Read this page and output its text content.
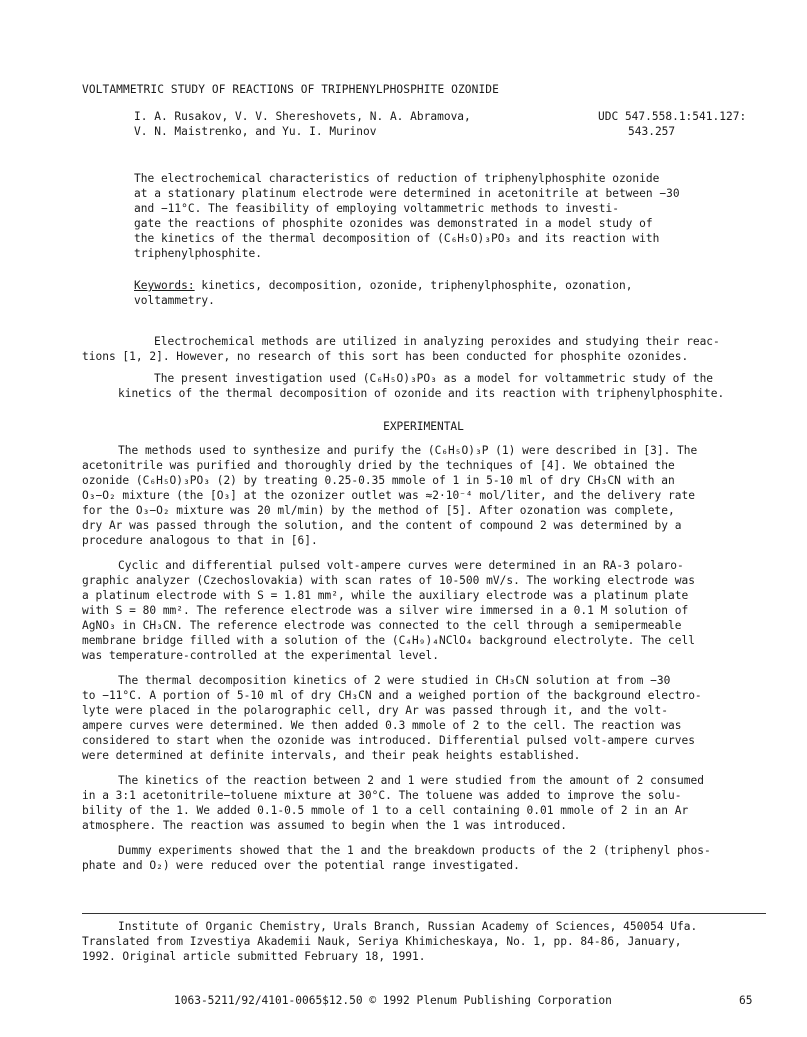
VOLTAMMETRIC STUDY OF REACTIONS OF TRIPHENYLPHOSPHITE OZONIDE
I. A. Rusakov, V. V. Shereshovets, N. A. Abramova,
V. N. Maistrenko, and Yu. I. Murinov
UDC 547.558.1:541.127:
543.257
The electrochemical characteristics of reduction of triphenylphosphite ozonide
at a stationary platinum electrode were determined in acetonitrile at between −30
and −11°C. The feasibility of employing voltammetric methods to investi-
gate the reactions of phosphite ozonides was demonstrated in a model study of
the kinetics of the thermal decomposition of (C₆H₅O)₃PO₃ and its reaction with
triphenylphosphite.
Keywords: kinetics, decomposition, ozonide, triphenylphosphite, ozonation,
voltammetry.
Electrochemical methods are utilized in analyzing peroxides and studying their reac-
tions [1, 2]. However, no research of this sort has been conducted for phosphite ozonides.
The present investigation used (C₆H₅O)₃PO₃ as a model for voltammetric study of the
kinetics of the thermal decomposition of ozonide and its reaction with triphenylphosphite.
EXPERIMENTAL
The methods used to synthesize and purify the (C₆H₅O)₃P (1) were described in [3]. The
acetonitrile was purified and thoroughly dried by the techniques of [4]. We obtained the
ozonide (C₆H₅O)₃PO₃ (2) by treating 0.25-0.35 mmole of 1 in 5-10 ml of dry CH₃CN with an
O₃−O₂ mixture (the [O₃] at the ozonizer outlet was ≈2·10⁻⁴ mol/liter, and the delivery rate
for the O₃−O₂ mixture was 20 ml/min) by the method of [5]. After ozonation was complete,
dry Ar was passed through the solution, and the content of compound 2 was determined by a
procedure analogous to that in [6].
Cyclic and differential pulsed volt-ampere curves were determined in an RA-3 polaro-
graphic analyzer (Czechoslovakia) with scan rates of 10-500 mV/s. The working electrode was
a platinum electrode with S = 1.81 mm², while the auxiliary electrode was a platinum plate
with S = 80 mm². The reference electrode was a silver wire immersed in a 0.1 M solution of
AgNO₃ in CH₃CN. The reference electrode was connected to the cell through a semipermeable
membrane bridge filled with a solution of the (C₄H₉)₄NClO₄ background electrolyte. The cell
was temperature-controlled at the experimental level.
The thermal decomposition kinetics of 2 were studied in CH₃CN solution at from −30
to −11°C. A portion of 5-10 ml of dry CH₃CN and a weighed portion of the background electro-
lyte were placed in the polarographic cell, dry Ar was passed through it, and the volt-
ampere curves were determined. We then added 0.3 mmole of 2 to the cell. The reaction was
considered to start when the ozonide was introduced. Differential pulsed volt-ampere curves
were determined at definite intervals, and their peak heights established.
The kinetics of the reaction between 2 and 1 were studied from the amount of 2 consumed
in a 3:1 acetonitrile−toluene mixture at 30°C. The toluene was added to improve the solu-
bility of the 1. We added 0.1-0.5 mmole of 1 to a cell containing 0.01 mmole of 2 in an Ar
atmosphere. The reaction was assumed to begin when the 1 was introduced.
Dummy experiments showed that the 1 and the breakdown products of the 2 (triphenyl phos-
phate and O₂) were reduced over the potential range investigated.
Institute of Organic Chemistry, Urals Branch, Russian Academy of Sciences, 450054 Ufa.
Translated from Izvestiya Akademii Nauk, Seriya Khimicheskaya, No. 1, pp. 84-86, January,
1992. Original article submitted February 18, 1991.
1063-5211/92/4101-0065$12.50 © 1992 Plenum Publishing Corporation	65
